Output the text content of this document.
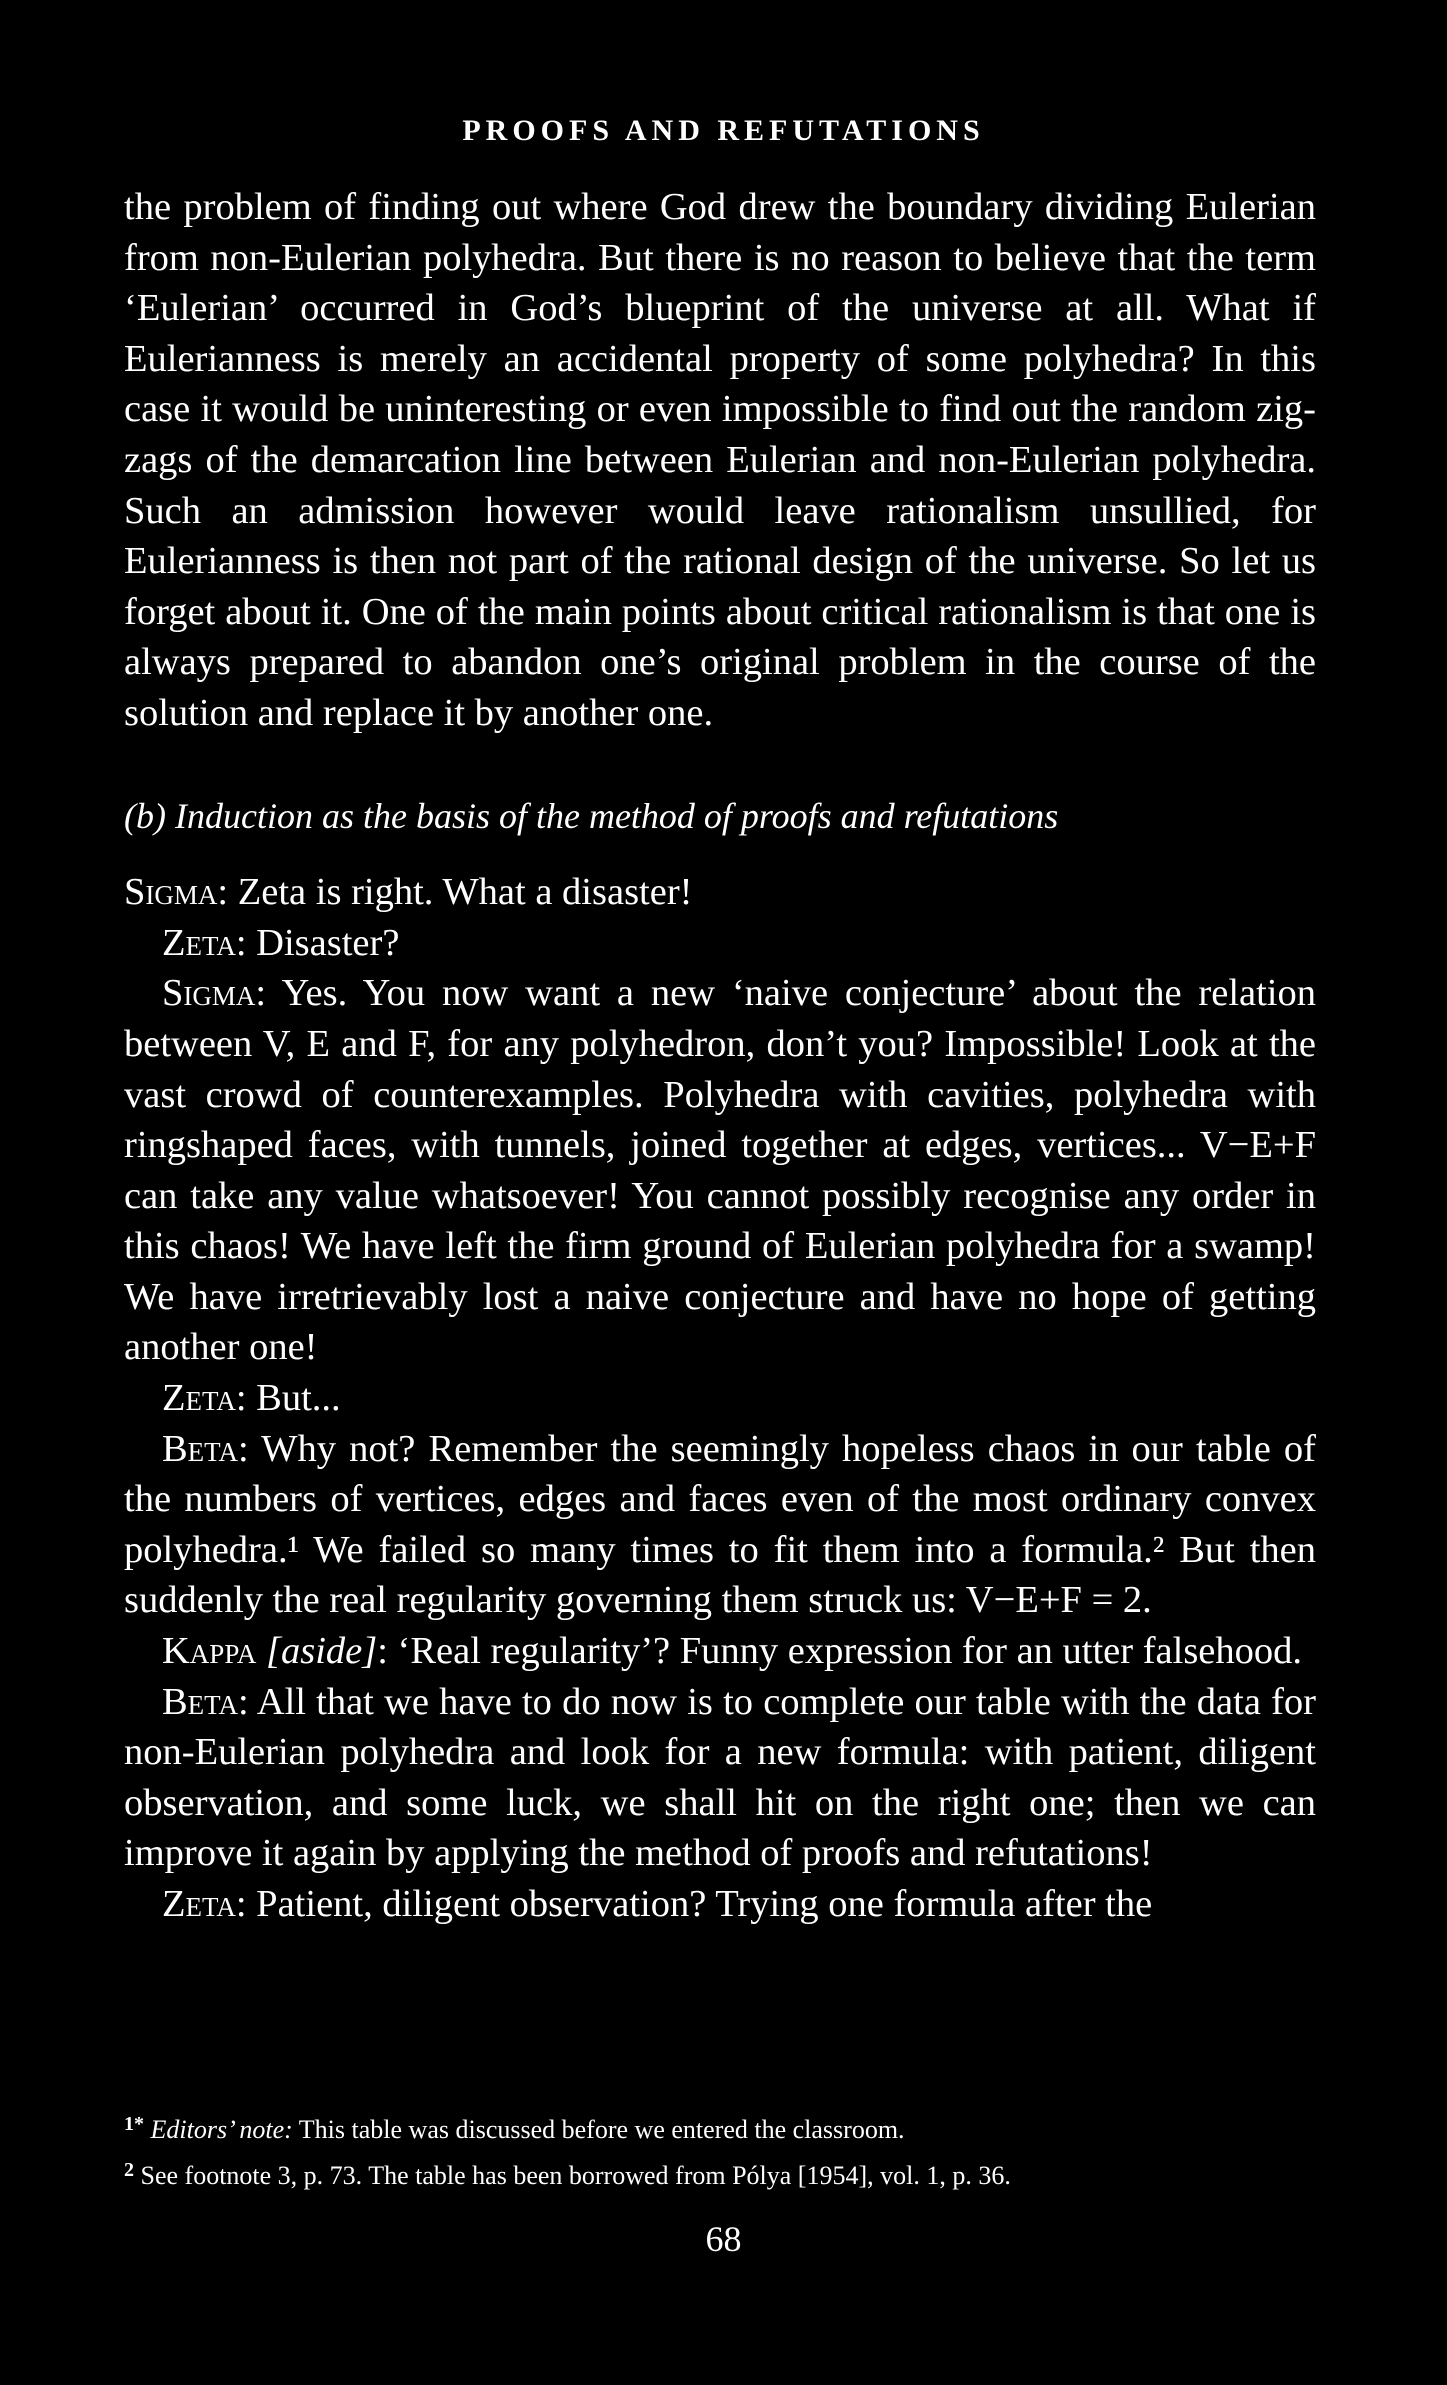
PROOFS AND REFUTATIONS

the problem of finding out where God drew the boundary dividing Eulerian from non-Eulerian polyhedra. But there is no reason to believe that the term ‘Eulerian’ occurred in God’s blueprint of the universe at all. What if Eulerianness is merely an accidental property of some polyhedra? In this case it would be uninteresting or even impossible to find out the random zig-zags of the demarcation line between Eulerian and non-Eulerian polyhedra. Such an admission however would leave rationalism unsullied, for Eulerianness is then not part of the rational design of the universe. So let us forget about it. One of the main points about critical rationalism is that one is always prepared to abandon one’s original problem in the course of the solution and replace it by another one.

(b) Induction as the basis of the method of proofs and refutations

Sigma: Zeta is right. What a disaster!

Zeta: Disaster?

Sigma: Yes. You now want a new ‘naive conjecture’ about the relation between V, E and F, for any polyhedron, don’t you? Impossible! Look at the vast crowd of counterexamples. Polyhedra with cavities, polyhedra with ringshaped faces, with tunnels, joined together at edges, vertices... V−E+F can take any value whatsoever! You cannot possibly recognise any order in this chaos! We have left the firm ground of Eulerian polyhedra for a swamp! We have irretrievably lost a naive conjecture and have no hope of getting another one!

Zeta: But...

Beta: Why not? Remember the seemingly hopeless chaos in our table of the numbers of vertices, edges and faces even of the most ordinary convex polyhedra.¹ We failed so many times to fit them into a formula.² But then suddenly the real regularity governing them struck us: V−E+F = 2.

Kappa [aside]: ‘Real regularity’? Funny expression for an utter falsehood.

Beta: All that we have to do now is to complete our table with the data for non-Eulerian polyhedra and look for a new formula: with patient, diligent observation, and some luck, we shall hit on the right one; then we can improve it again by applying the method of proofs and refutations!

Zeta: Patient, diligent observation? Trying one formula after the

$^{1*}$ Editors’ note: This table was discussed before we entered the classroom.

$^2$ See footnote 3, p. 73. The table has been borrowed from Pólya [1954], vol. 1, p. 36.

68
